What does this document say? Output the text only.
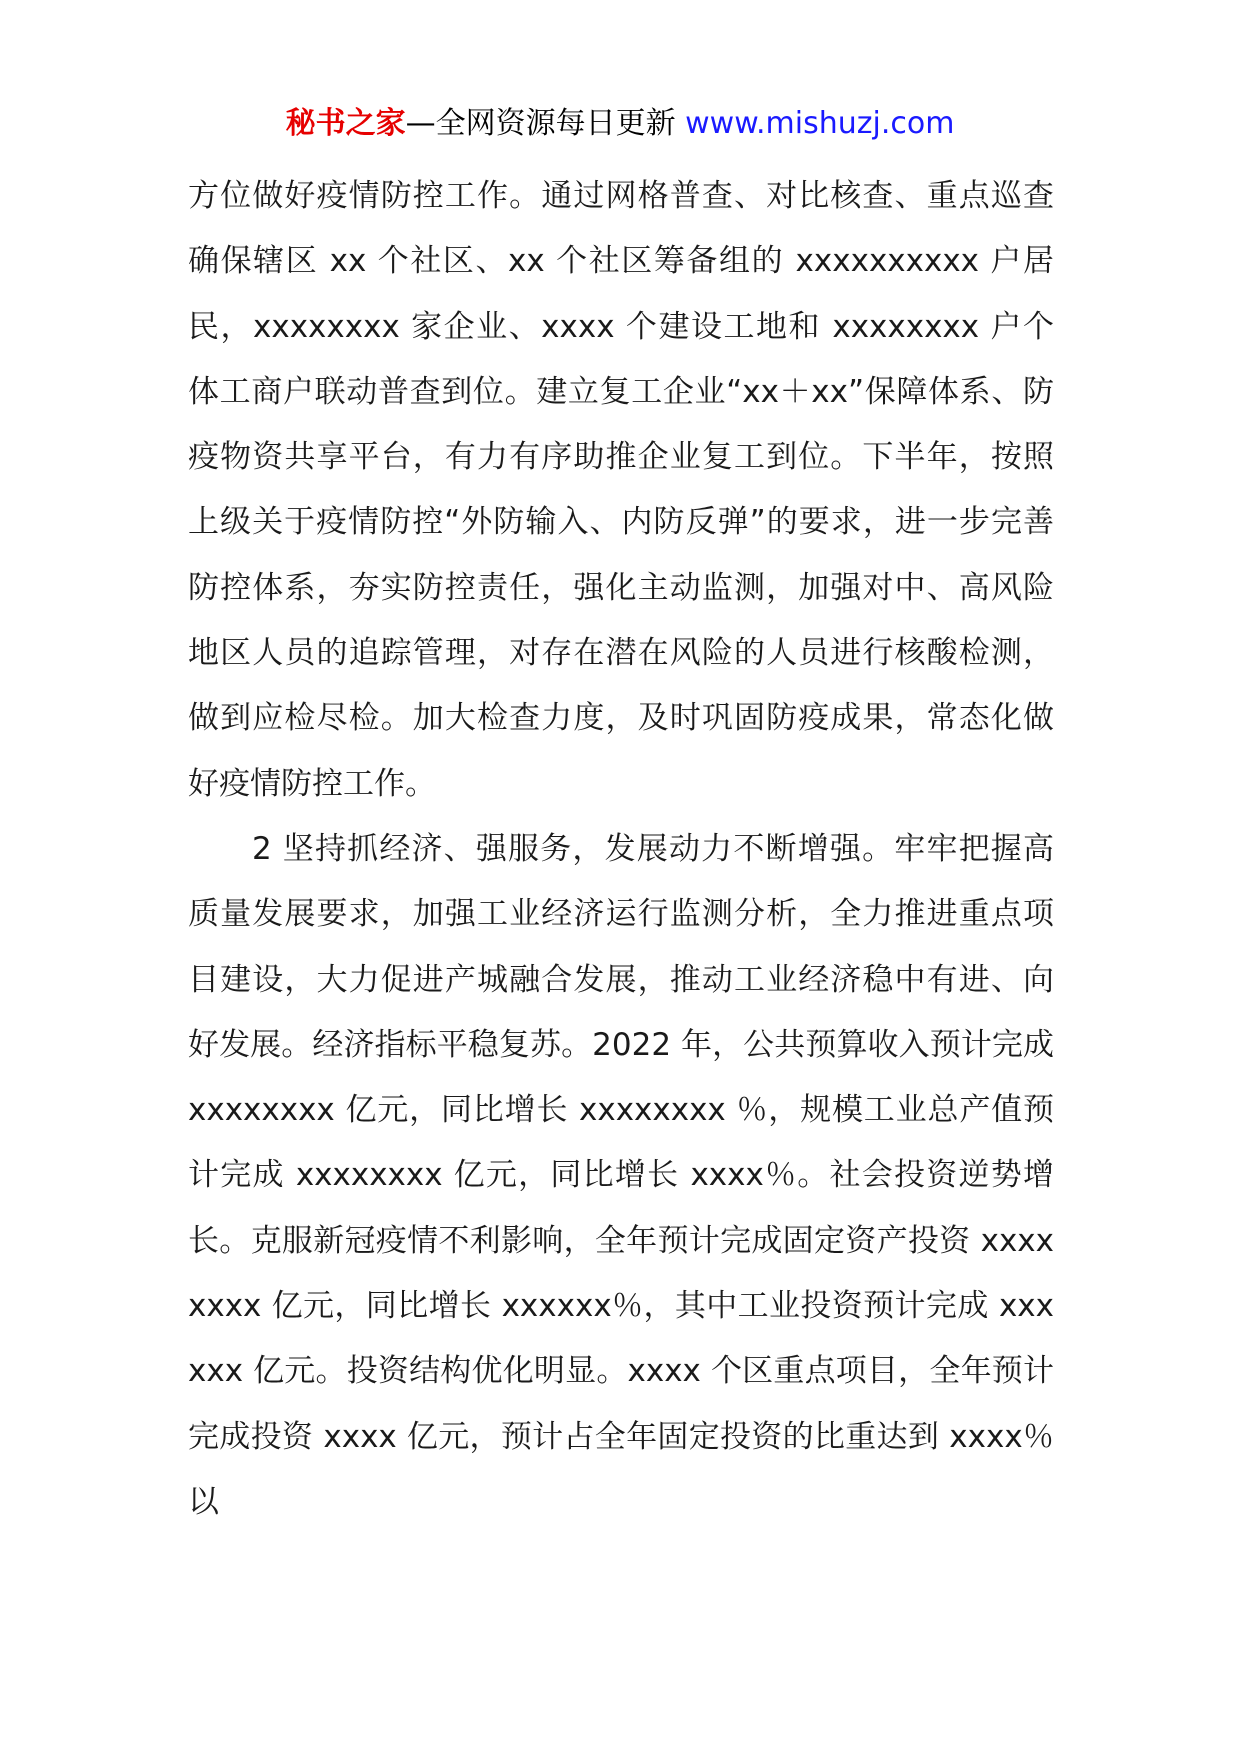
秘书之家—全网资源每日更新 www.mishuzj.com

方位做好疫情防控工作。通过网格普查、对比核查、重点巡查确保辖区 xx 个社区、xx 个社区筹备组的 xxxxxxxxxx 户居民，xxxxxxxx 家企业、xxxx 个建设工地和 xxxxxxxx 户个体工商户联动普查到位。建立复工企业“xx＋xx”保障体系、防疫物资共享平台，有力有序助推企业复工到位。下半年，按照上级关于疫情防控“外防输入、内防反弹”的要求，进一步完善防控体系，夯实防控责任，强化主动监测，加强对中、高风险地区人员的追踪管理，对存在潜在风险的人员进行核酸检测，做到应检尽检。加大检查力度，及时巩固防疫成果，常态化做好疫情防控工作。

2 坚持抓经济、强服务，发展动力不断增强。牢牢把握高质量发展要求，加强工业经济运行监测分析，全力推进重点项目建设，大力促进产城融合发展，推动工业经济稳中有进、向好发展。经济指标平稳复苏。2022 年，公共预算收入预计完成 xxxxxxxx 亿元，同比增长 xxxxxxxx ％，规模工业总产值预计完成 xxxxxxxx 亿元，同比增长 xxxx％。社会投资逆势增长。克服新冠疫情不利影响，全年预计完成固定资产投资 xxxxxxxx 亿元，同比增长 xxxxxx％，其中工业投资预计完成 xxxxxx 亿元。投资结构优化明显。xxxx 个区重点项目，全年预计完成投资 xxxx 亿元，预计占全年固定投资的比重达到 xxxx％以
